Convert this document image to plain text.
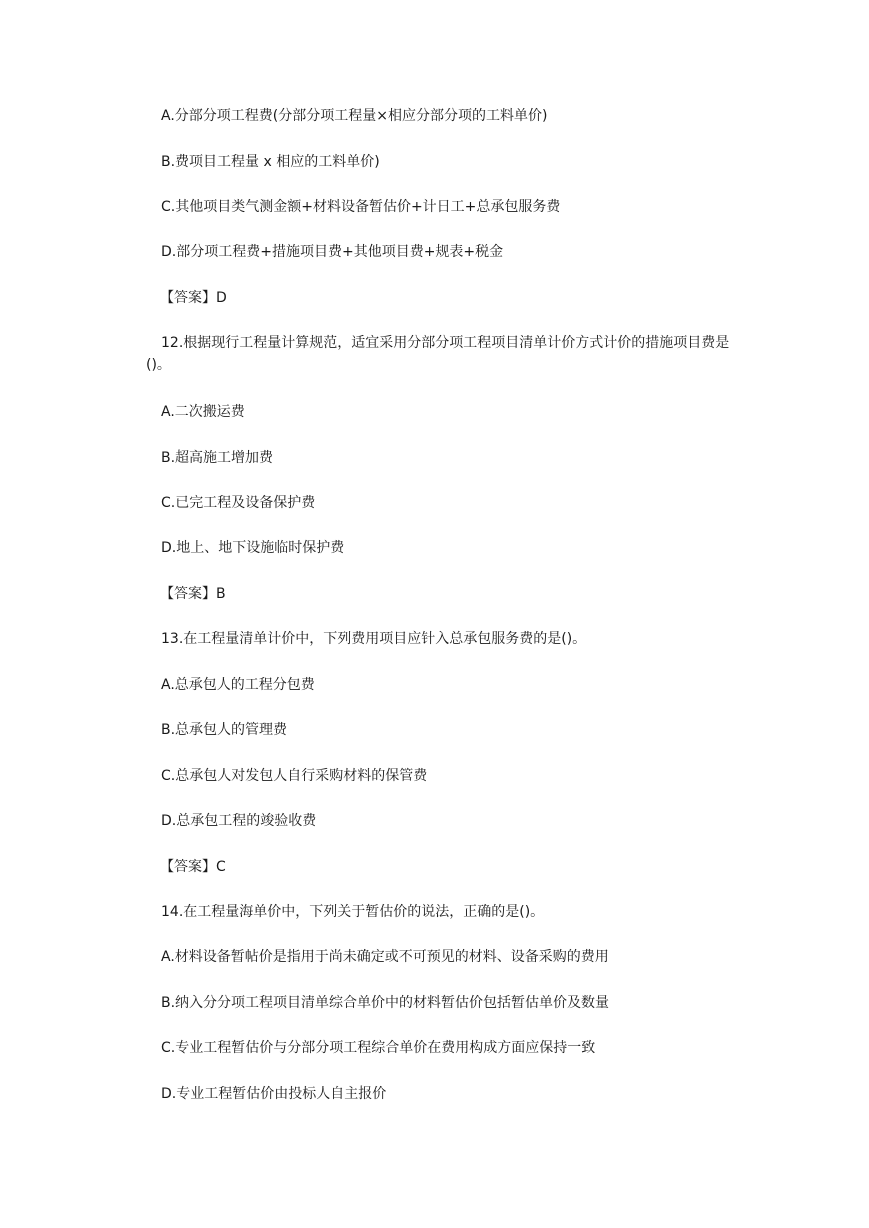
A.分部分项工程费(分部分项工程量×相应分部分项的工料单价)
B.费项目工程量 x 相应的工料单价)
C.其他项目类气测金额+材料设备暂估价+计日工+总承包服务费
D.部分项工程费+措施项目费+其他项目费+规表+税金
【答案】D
12.根据现行工程量计算规范，适宜采用分部分项工程项目清单计价方式计价的措施项目费是()。
A.二次搬运费
B.超高施工增加费
C.已完工程及设备保护费
D.地上、地下设施临时保护费
【答案】B
13.在工程量清单计价中，下列费用项目应针入总承包服务费的是()。
A.总承包人的工程分包费
B.总承包人的管理费
C.总承包人对发包人自行采购材料的保管费
D.总承包工程的竣验收费
【答案】C
14.在工程量海单价中，下列关于暂估价的说法，正确的是()。
A.材料设备暂帖价是指用于尚未确定或不可预见的材料、设备采购的费用
B.纳入分分项工程项目清单综合单价中的材料暂估价包括暂估单价及数量
C.专业工程暂估价与分部分项工程综合单价在费用构成方面应保持一致
D.专业工程暂估价由投标人自主报价
